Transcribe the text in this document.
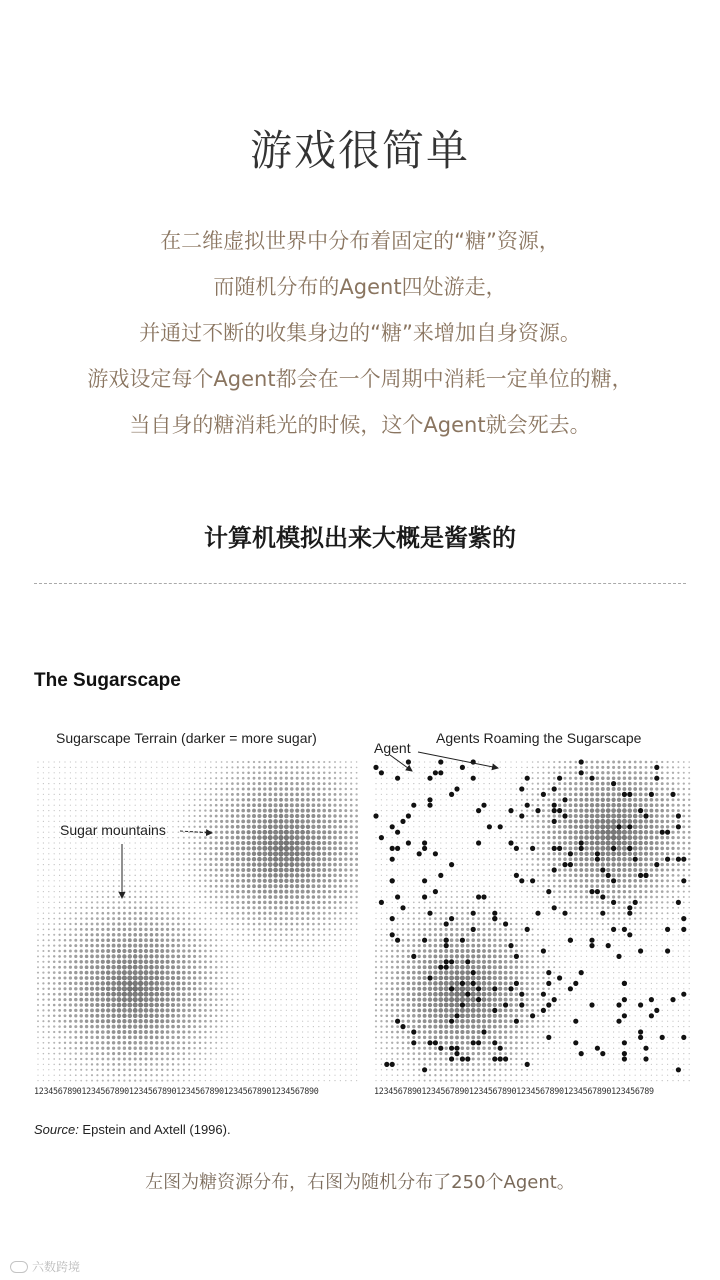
游戏很简单
在二维虚拟世界中分布着固定的“糖”资源，
而随机分布的Agent四处游走，
并通过不断的收集身边的“糖”来增加自身资源。
游戏设定每个Agent都会在一个周期中消耗一定单位的糖，
当自身的糖消耗光的时候，这个Agent就会死去。
计算机模拟出来大概是酱紫的
The Sugarscape
Sugarscape Terrain (darker = more sugar)	Agents Roaming the Sugarscape
Sugar mountains
Agent
123456789012345678901234567890123456789012345678901234567890	12345678901234567890123456789012345678901234567890123456789
Source: Epstein and Axtell (1996).
左图为糖资源分布，右图为随机分布了250个Agent。
六数跨境
